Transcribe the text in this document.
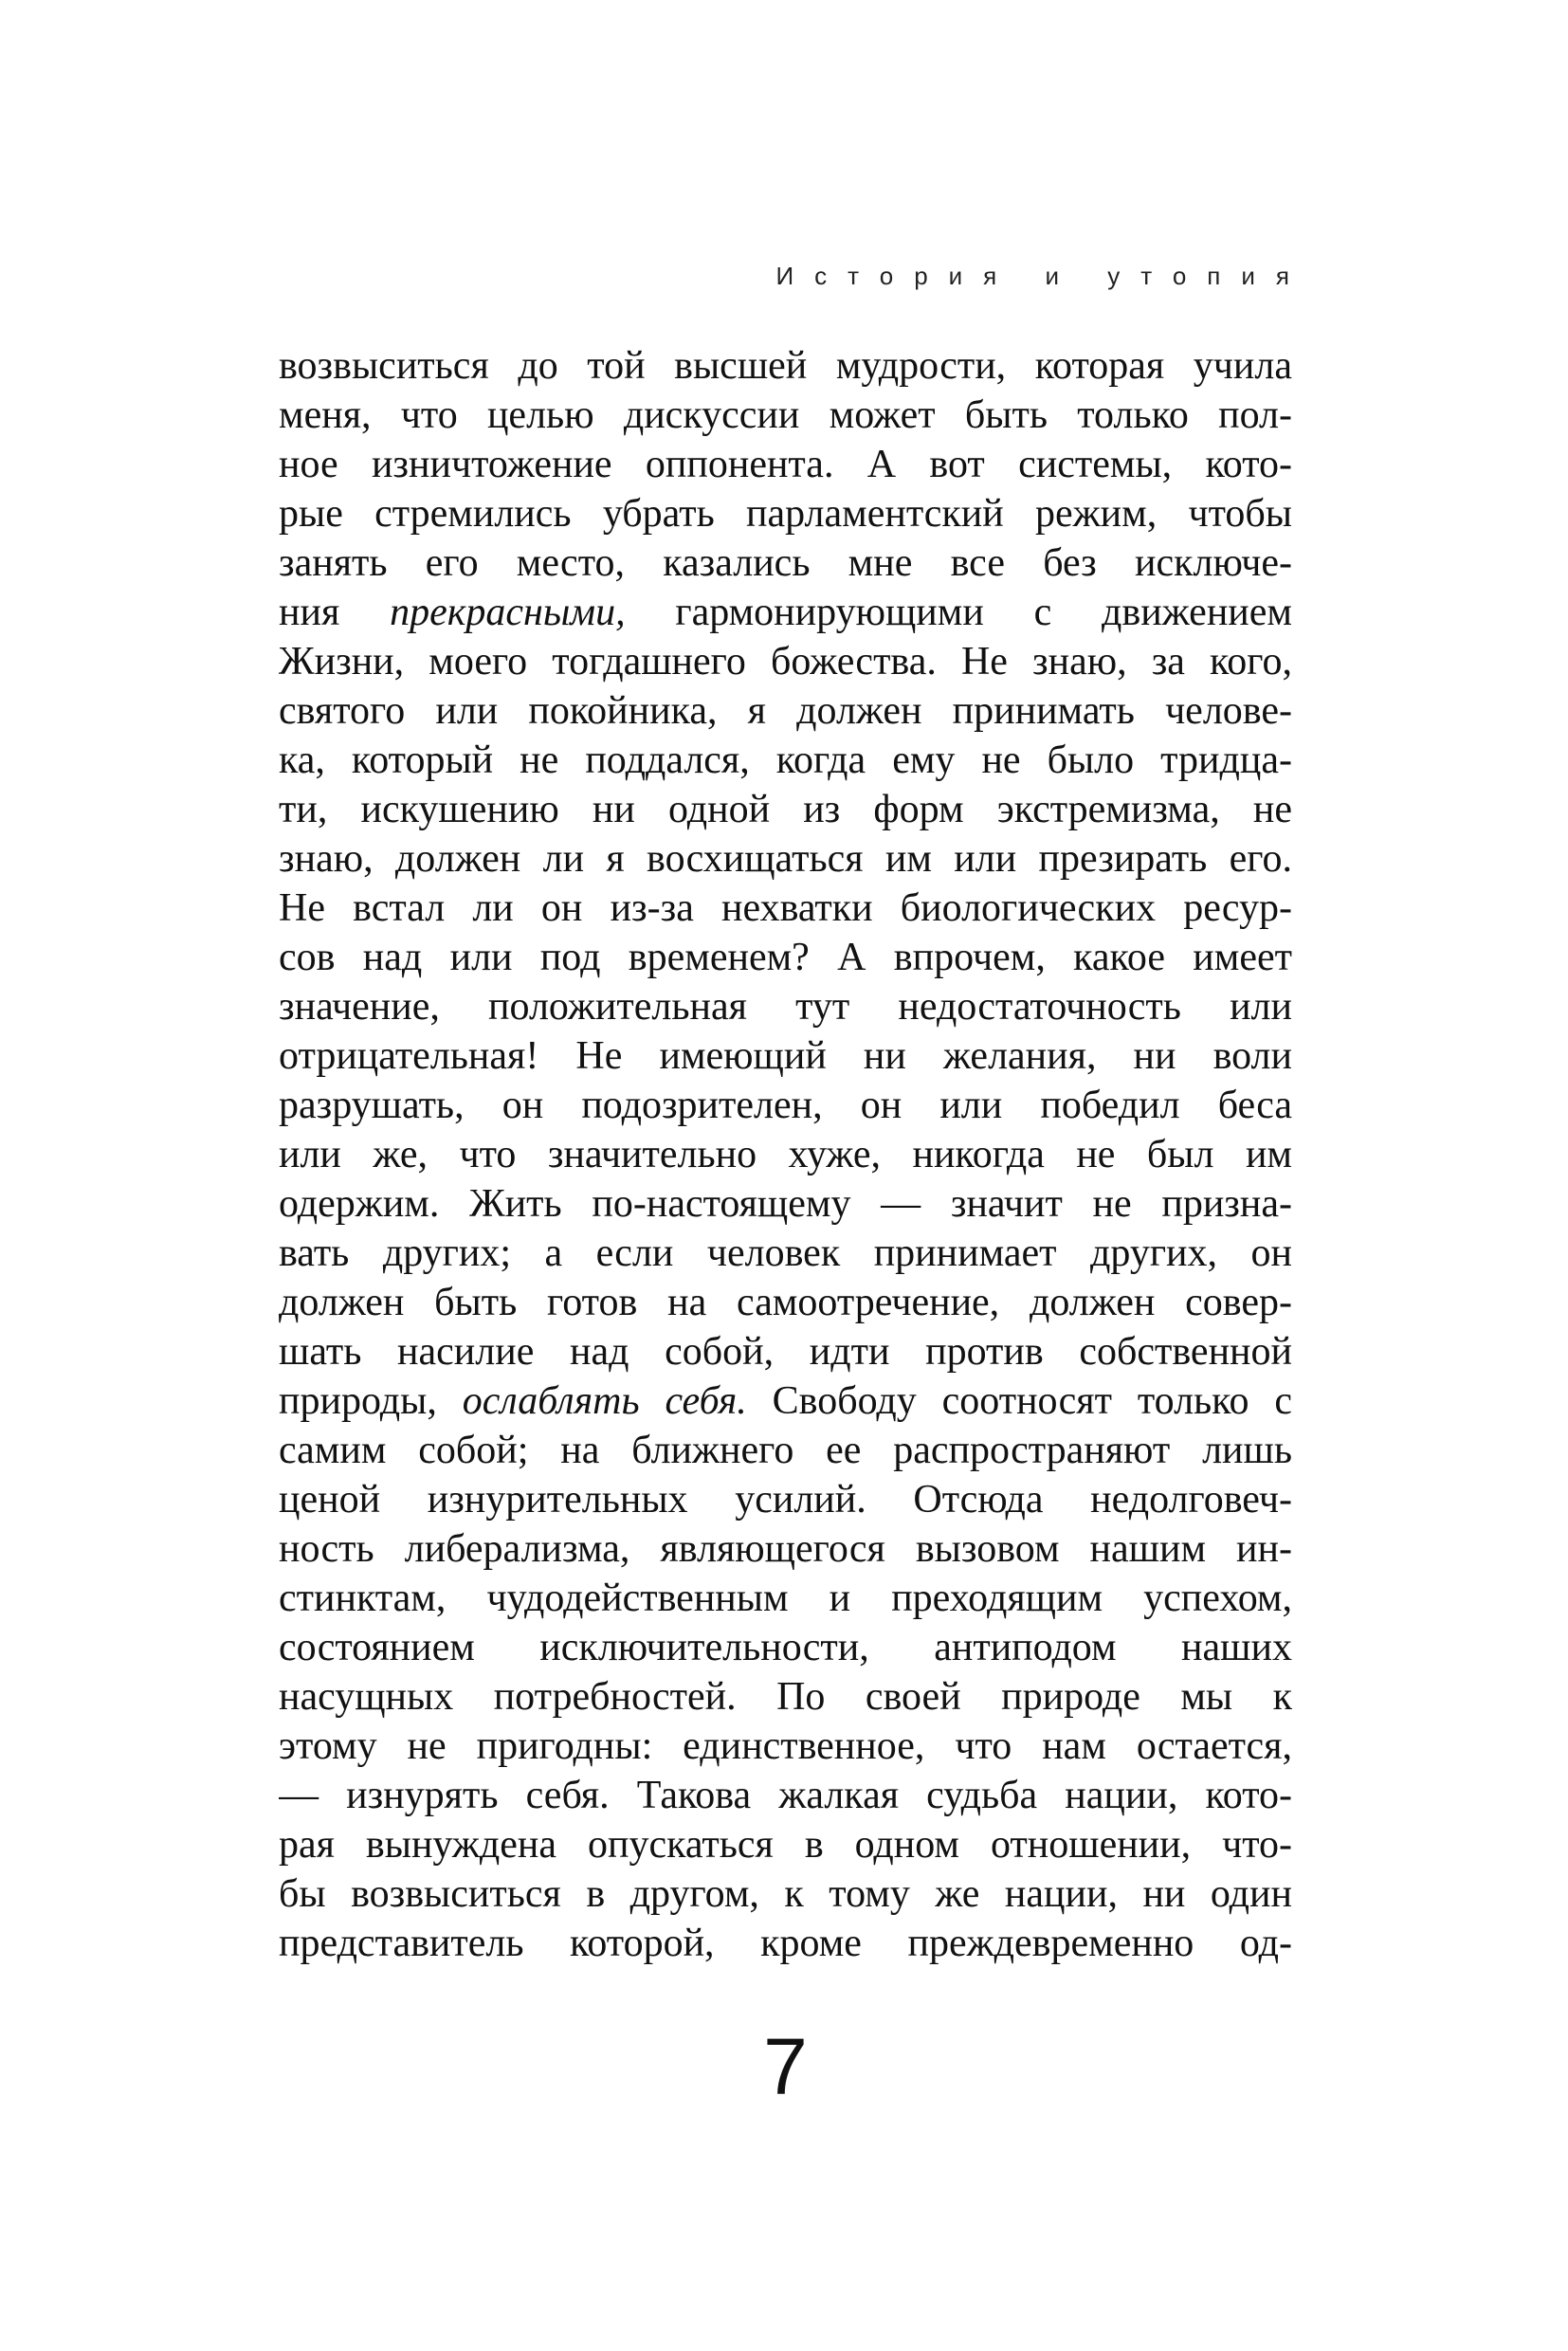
История и утопия
возвыситься до той высшей мудрости, которая учила
меня, что целью дискуссии может быть только пол-
ное изничтожение оппонента. А вот системы, кото-
рые стремились убрать парламентский режим, чтобы
занять его место, казались мне все без исключе-
ния прекрасными, гармонирующими с движением
Жизни, моего тогдашнего божества. Не знаю, за кого,
святого или покойника, я должен принимать челове-
ка, который не поддался, когда ему не было тридца-
ти, искушению ни одной из форм экстремизма, не
знаю, должен ли я восхищаться им или презирать его.
Не встал ли он из-за нехватки биологических ресур-
сов над или под временем? А впрочем, какое имеет
значение, положительная тут недостаточность или
отрицательная! Не имеющий ни желания, ни воли
разрушать, он подозрителен, он или победил беса
или же, что значительно хуже, никогда не был им
одержим. Жить по-настоящему — значит не призна-
вать других; а если человек принимает других, он
должен быть готов на самоотречение, должен совер-
шать насилие над собой, идти против собственной
природы, ослаблять себя. Свободу соотносят только с
самим собой; на ближнего ее распространяют лишь
ценой изнурительных усилий. Отсюда недолговеч-
ность либерализма, являющегося вызовом нашим ин-
стинктам, чудодейственным и преходящим успехом,
состоянием исключительности, антиподом наших
насущных потребностей. По своей природе мы к
этому не пригодны: единственное, что нам остается,
— изнурять себя. Такова жалкая судьба нации, кото-
рая вынуждена опускаться в одном отношении, что-
бы возвыситься в другом, к тому же нации, ни один
представитель которой, кроме преждевременно од-
7
